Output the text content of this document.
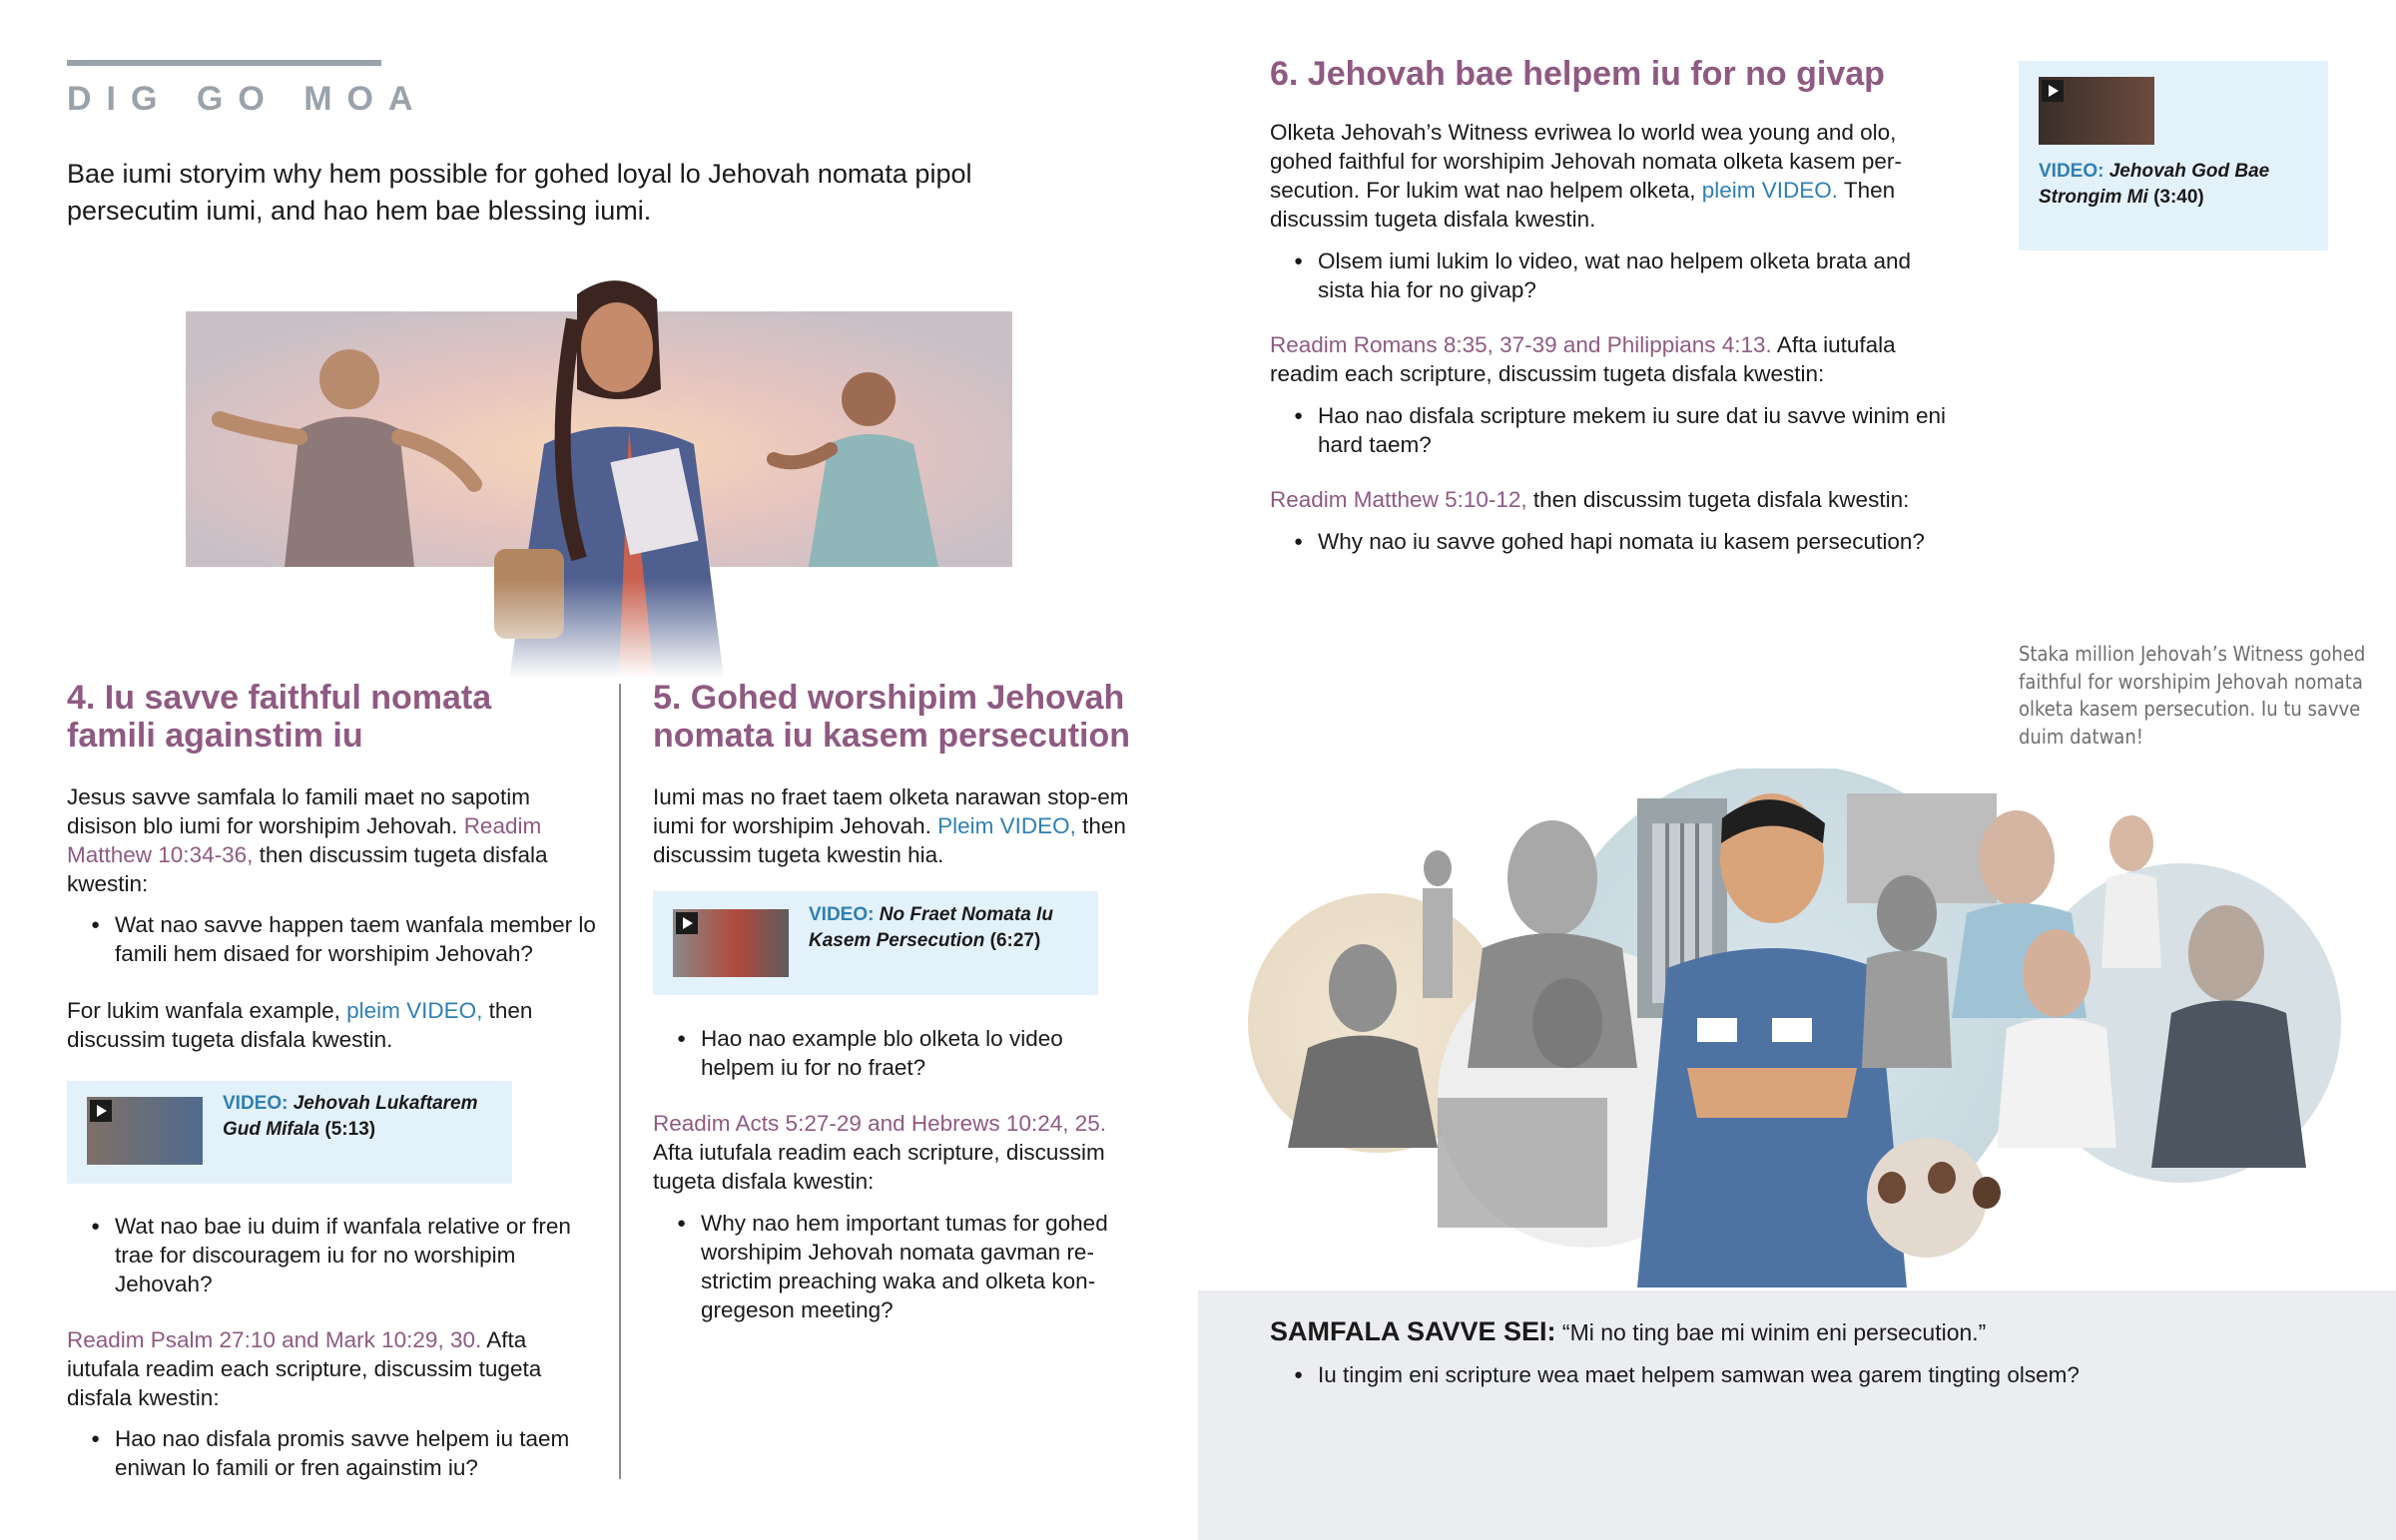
DIG GO MOA

Bae iumi storyim why hem possible for gohed loyal lo Jehovah nomata pipol persecutim iumi, and hao hem bae blessing iumi.

4. Iu savve faithful nomata famili againstim iu

Jesus savve samfala lo famili maet no sapotim disison blo iumi for worshipim Jehovah. Readim Matthew 10:34-36, then discussim tugeta disfala kwestin:

● Wat nao savve happen taem wanfala member lo famili hem disaed for worshipim Jehovah?

For lukim wanfala example, pleim VIDEO, then discussim tugeta disfala kwestin.

VIDEO: Jehovah Lukaftarem Gud Mifala (5:13)
● Wat nao bae iu duim if wanfala relative or fren trae for discouragem iu for no worshipim Jehovah?

Readim Psalm 27:10 and Mark 10:29, 30. Afta iutufala readim each scripture, discussim tugeta disfala kwestin:

● Hao nao disfala promis savve helpem iu taem eniwan lo famili or fren againstim iu?
5. Gohed worshipim Jehovah nomata iu kasem persecution

Iumi mas no fraet taem olketa narawan stop-em iumi for worshipim Jehovah. Pleim VIDEO, then discussim tugeta kwestin hia.

VIDEO: No Fraet Nomata Iu Kasem Persecution (6:27)
● Hao nao example blo olketa lo video helpem iu for no fraet?

Readim Acts 5:27-29 and Hebrews 10:24, 25. Afta iutufala readim each scripture, discussim tugeta disfala kwestin:

● Why nao hem important tumas for gohed worshipim Jehovah nomata gavman re-strictim preaching waka and olketa kon-gregeson meeting?
6. Jehovah bae helpem iu for no givap

Olketa Jehovah’s Witness evriwea lo world wea young and olo, gohed faithful for worshipim Jehovah nomata olketa kasem per-secution. For lukim wat nao helpem olketa, pleim VIDEO. Then discussim tugeta disfala kwestin.

● Olsem iumi lukim lo video, wat nao helpem olketa brata and sista hia for no givap?

Readim Romans 8:35, 37-39 and Philippians 4:13. Afta iutufala readim each scripture, discussim tugeta disfala kwestin:

● Hao nao disfala scripture mekem iu sure dat iu savve winim eni hard taem?

Readim Matthew 5:10-12, then discussim tugeta disfala kwestin:

● Why nao iu savve gohed hapi nomata iu kasem persecution?
VIDEO: Jehovah God Bae Strongim Mi (3:40)

Staka million Jehovah’s Witness gohed faithful for worshipim Jehovah nomata olketa kasem persecution. Iu tu savve duim datwan!

SAMFALA SAVVE SEI: “Mi no ting bae mi winim eni persecution.”

● Iu tingim eni scripture wea maet helpem samwan wea garem tingting olsem?
